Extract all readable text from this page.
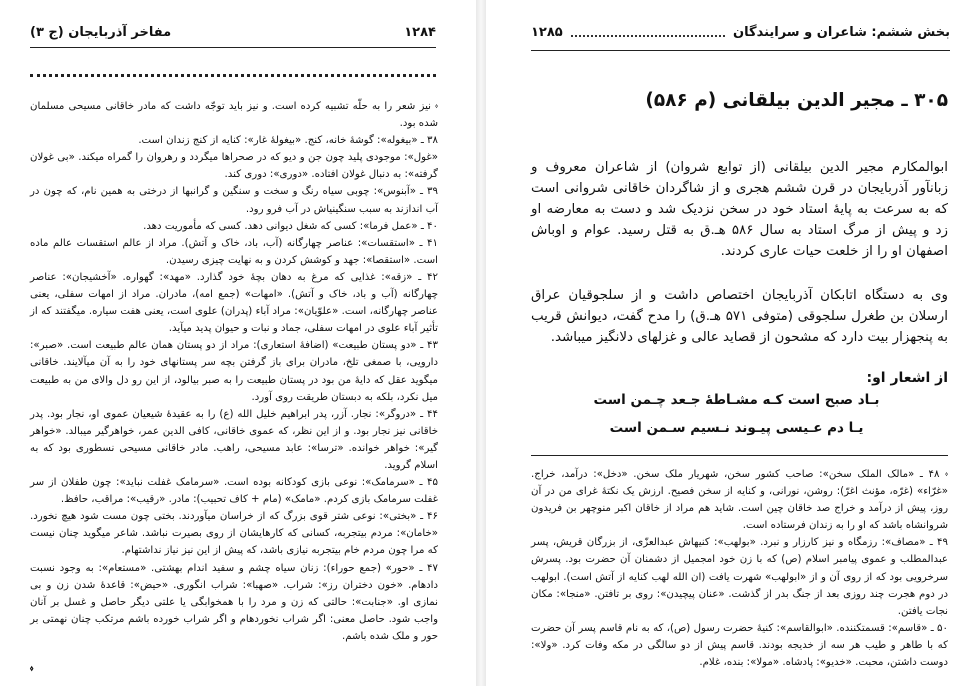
۱۲۸۴
مفاخر آذربایجان (ج ۳)

⬫ نیز شعر را به حلّه تشبیه کرده است. و نیز باید توجّه داشت که مادر خاقانی مسیحی مسلمان شده بود.

۳۸ ـ «بیغوله»: گوشهٔ خانه، کنج. «بیغولهٔ غار»: کنایه از کنج زندان است.

«غول»: موجودی پلید چون جن و دیو که در صحراها میگردد و رهروان را گمراه میکند. «بی غولان گرفته»: به دنبال غولان افتاده. «دوری»: دوری کند.

۳۹ ـ «آبنوس»: چوبی سیاه رنگ و سخت و سنگین و گرانبها از درختی به همین نام، که چون در آب اندازند به سبب سنگینیاش در آب فرو رود.

۴۰ ـ «عمل فرما»: کسی که شغل دیوانی دهد. کسی که مأموریت دهد.

۴۱ ـ «استقسات»: عناصر چهارگانه (آب، باد، خاک و آتش). مراد از عالم استقسات عالم ماده است. «استقصا»: جهد و کوشش کردن و به نهایت چیزی رسیدن.

۴۲ ـ «زقه»: غذایی که مرغ به دهان بچهٔ خود گذارد. «مهد»: گهواره. «آخشیجان»: عناصر چهارگانه (آب و باد، خاک و آتش). «امهات» (جمع امه)، مادران. مراد از امهات سفلی، یعنی عناصر چهارگانه، است. «علوّیان»: مراد آباء (پدران) علوی است، یعنی هفت سیاره. میگفتند که از تأثیر آباء علوی در امهات سفلی، جماد و نبات و حیوان پدید میآید.

۴۳ ـ «دو پستان طبیعت» (اضافهٔ استعاری): مراد از دو پستان همان عالم طبیعت است. «صبر»: دارویی، با صمغی تلخ، مادران برای باز گرفتن بچه سر پستانهای خود را به آن میآلایند. خاقانی میگوید عقل که دایهٔ من بود در پستان طبیعت را به صبر بیالود، از این رو دل والای من به طبیعت میل نکرد، بلکه به دبستان طریقت روی آورد.

۴۴ ـ «دروگر»: نجار. آزر، پدر ابراهیم خلیل الله (ع) را به عقیدهٔ شیعیان عموی او، نجار بود. پدر خاقانی نیز نجار بود. و از این نظر، که عموی خاقانی، کافی الدین عمر، خواهرگیر میبالد. «خواهر گیر»: خواهر خوانده. «ترسا»: عابد مسیحی، راهب. مادر خاقانی مسیحی نسطوری بود که به اسلام گروید.

۴۵ ـ «سرمامک»: نوعی بازی کودکانه بوده است. «سرمامک غفلت نباید»: چون طفلان از سر غفلت سرمامک بازی کردم. «مامک» (مام + کاف تحبیب): مادر. «رقیب»: مراقب، حافظ.

۴۶ ـ «بختی»: نوعی شتر قوی بزرگ که از خراسان میآوردند. بختی چون مست شود هیچ نخورد. «خامان»: مردم بیتجربه، کسانی که کارهایشان از روی بصیرت نباشد. شاعر میگوید چنان نیست که مرا چون مردم خام بیتجربه نیازی باشد، که پیش از این نیز نیاز نداشتهام.

۴۷ ـ «حور» (جمع حوراء): زنان سیاه چشم و سفید اندام بهشتی. «مستعام»: به وجود نسبت دادهام. «خون دختران رز»: شراب. «صهبا»: شراب انگوری. «حیض»: قاعدهٔ شدن زن و بی نمازی او. «جنابت»: حالتی که زن و مرد را با همخوابگی یا علتی دیگر حاصل و غسل بر آنان واجب شود. حاصل معنی: اگر شراب نخوردهام و اگر شراب خورده باشم مرتکب چنان نهمتی بر حور و ملک شده باشم.

⬫
بخش ششم: شاعران و سرایندگان
۱۲۸۵
۳۰۵ ـ مجیر الدین بیلقانی (م ۵۸۶)

ابوالمکارم مجیر الدین بیلقانی (از توابع شروان) از شاعران معروف و زبانآور آذربایجان در قرن ششم هجری و از شاگردان خاقانی شروانی است که به سرعت به پایهٔ استاد خود در سخن نزدیک شد و دست به معارضه او زد و پیش از مرگ استاد به سال ۵۸۶ هـ.ق به قتل رسید. عوام و اوباش اصفهان او را از خلعت حیات عاری کردند.

وی به دستگاه اتابکان آذربایجان اختصاص داشت و از سلجوقیان عراق ارسلان بن طغرل سلجوقی (متوفی ۵۷۱ هـ.ق) را مدح گفت، دیوانش قریب به پنجهزار بیت دارد که مشحون از قصاید عالی و غزلهای دلانگیز میباشد.

از اشعار او:
بـاد صبح است کـه مشـاطهٔ جـعد چـمن است
یـا دم عـیسی پیـوند نـسیم سـمن است

⬫ ۴۸ ـ «مالک الملک سخن»: صاحب کشور سخن، شهریار ملک سخن. «دخل»: درآمد، خراج. «غرّاء» (غرّه، مؤنث اغرّ): روشن، نورانی، و کنایه از سخن فصیح. ارزش یک نکتهٔ غرای من در آن روز، پیش از درآمد و خراج صد خاقان چین است. شاید هم مراد از خاقان اکبر منوچهر بن فریدون شروانشاه باشد که او را به زندان فرستاده است.

۴۹ ـ «مصاف»: رزمگاه و نیز کارزار و نبرد. «بولهب»: کنیهاش عبدالعزّی، از بزرگان قریش، پسر عبدالمطلب و عموی پیامبر اسلام (ص) که با زن خود امجمیل از دشمنان آن حضرت بود. پسرش سرخرویی بود که از روی آن و از «ابولهب» شهرت یافت (ان الله لهب کنایه از آتش است). ابولهب در دوم هجرت چند روزی بعد از جنگ بدر از گذشت. «عنان پیچیدن»: روی بر تافتن. «منجا»: مکان نجات یافتن.

۵۰ ـ «قاسم»: قسمتکننده. «ابوالقاسم»: کنیهٔ حضرت رسول (ص)، که به نام قاسم پسر آن حضرت که با طاهر و طیب هر سه از خدیجه بودند. قاسم پیش از دو سالگی در مکه وفات کرد. «ولا»: دوست داشتن، محبت. «خدیو»: پادشاه. «مولا»: بنده، غلام.
